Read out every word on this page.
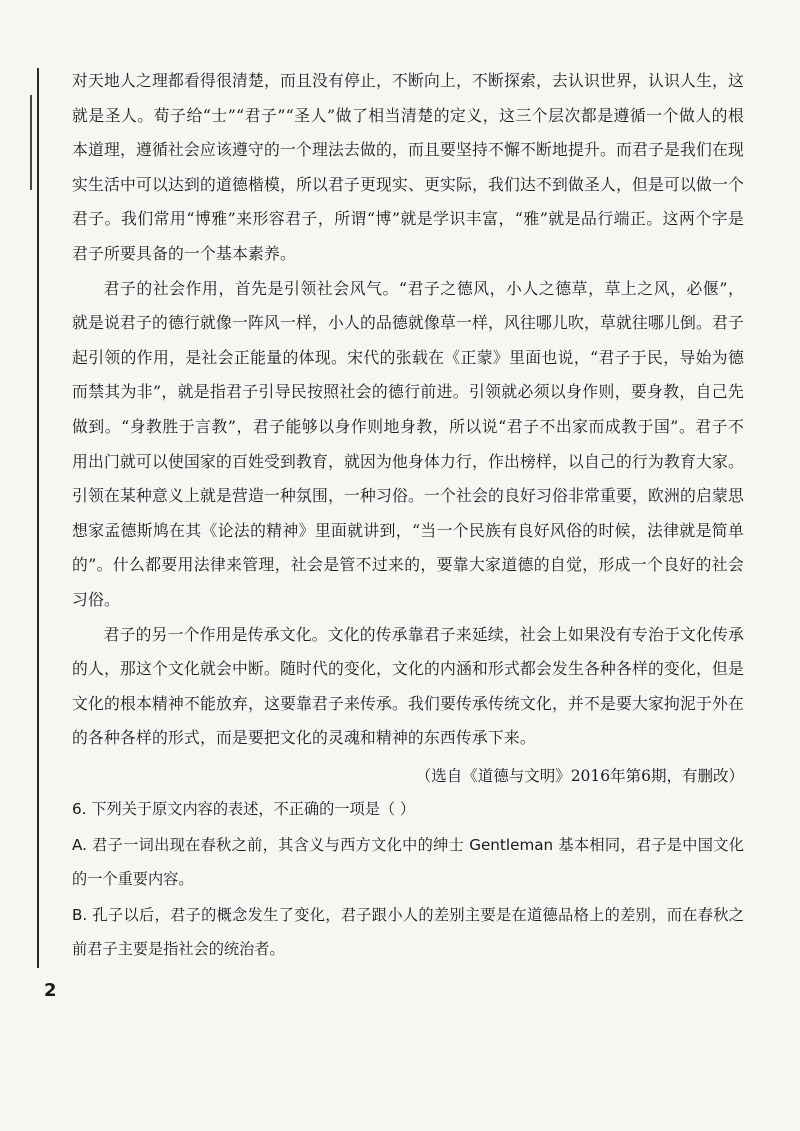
对天地人之理都看得很清楚，而且没有停止，不断向上，不断探索，去认识世界，认识人生，这就是圣人。荀子给“士”“君子”“圣人”做了相当清楚的定义，这三个层次都是遵循一个做人的根本道理，遵循社会应该遵守的一个理法去做的，而且要坚持不懈不断地提升。而君子是我们在现实生活中可以达到的道德楷模，所以君子更现实、更实际，我们达不到做圣人，但是可以做一个君子。我们常用“博雅”来形容君子，所谓“博”就是学识丰富，“雅”就是品行端正。这两个字是君子所要具备的一个基本素养。

君子的社会作用，首先是引领社会风气。“君子之德风，小人之德草，草上之风，必偃”，就是说君子的德行就像一阵风一样，小人的品德就像草一样，风往哪儿吹，草就往哪儿倒。君子起引领的作用，是社会正能量的体现。宋代的张载在《正蒙》里面也说，“君子于民，导始为德而禁其为非”，就是指君子引导民按照社会的德行前进。引领就必须以身作则，要身教，自己先做到。“身教胜于言教”，君子能够以身作则地身教，所以说“君子不出家而成教于国”。君子不用出门就可以使国家的百姓受到教育，就因为他身体力行，作出榜样，以自己的行为教育大家。引领在某种意义上就是营造一种氛围，一种习俗。一个社会的良好习俗非常重要，欧洲的启蒙思想家孟德斯鸠在其《论法的精神》里面就讲到，“当一个民族有良好风俗的时候，法律就是简单的”。什么都要用法律来管理，社会是管不过来的，要靠大家道德的自觉，形成一个良好的社会习俗。

君子的另一个作用是传承文化。文化的传承靠君子来延续，社会上如果没有专治于文化传承的人，那这个文化就会中断。随时代的变化，文化的内涵和形式都会发生各种各样的变化，但是文化的根本精神不能放弃，这要靠君子来传承。我们要传承传统文化，并不是要大家拘泥于外在的各种各样的形式，而是要把文化的灵魂和精神的东西传承下来。

（选自《道德与文明》2016年第6期，有删改）

6. 下列关于原文内容的表述，不正确的一项是（ ）

A. 君子一词出现在春秋之前，其含义与西方文化中的绅士 Gentleman 基本相同，君子是中国文化的一个重要内容。

B. 孔子以后，君子的概念发生了变化，君子跟小人的差别主要是在道德品格上的差别，而在春秋之前君子主要是指社会的统治者。

2
